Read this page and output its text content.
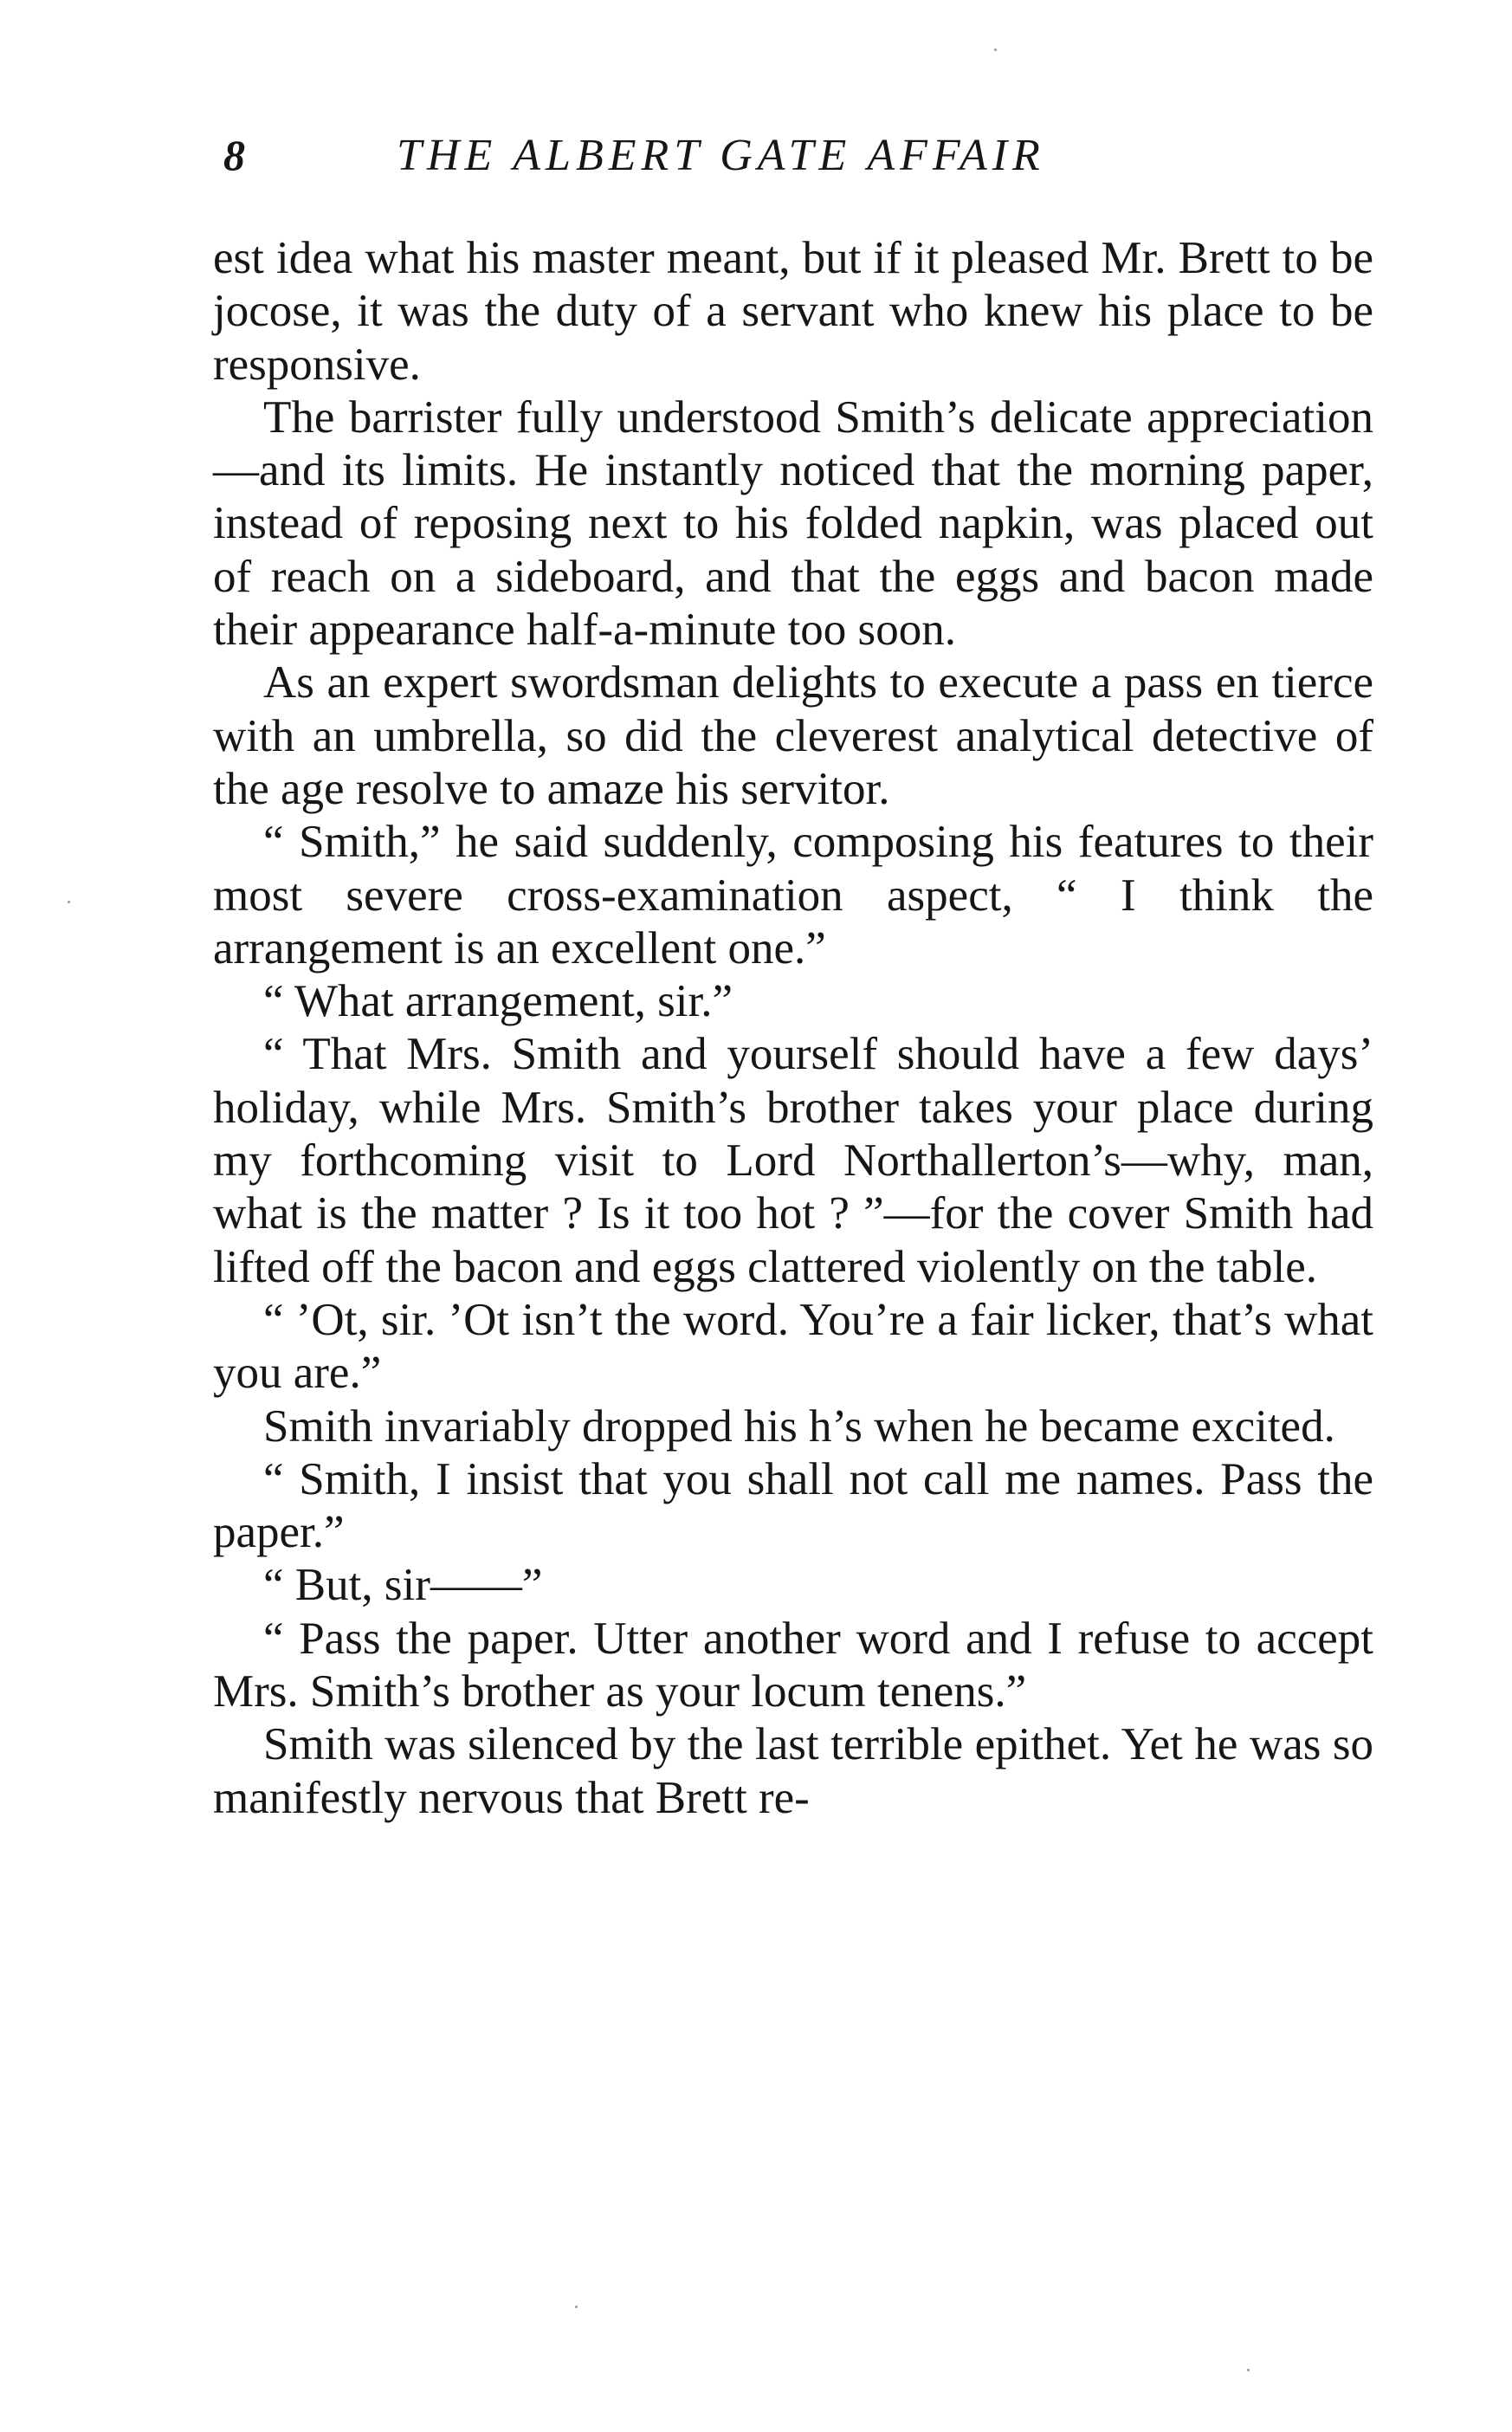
8	THE ALBERT GATE AFFAIR

est idea what his master meant, but if it pleased Mr. Brett to be jocose, it was the duty of a servant who knew his place to be responsive.

The barrister fully understood Smith’s delicate appreciation—and its limits. He instantly noticed that the morning paper, instead of reposing next to his folded napkin, was placed out of reach on a sideboard, and that the eggs and bacon made their appearance half-a-minute too soon.

As an expert swordsman delights to execute a pass en tierce with an umbrella, so did the cleverest analytical detective of the age resolve to amaze his servitor.

“ Smith,” he said suddenly, composing his features to their most severe cross-examination aspect, “ I think the arrangement is an excellent one.”

“ What arrangement, sir.”

“ That Mrs. Smith and yourself should have a few days’ holiday, while Mrs. Smith’s brother takes your place during my forthcoming visit to Lord Northallerton’s—why, man, what is the matter ? Is it too hot ? ”—for the cover Smith had lifted off the bacon and eggs clattered violently on the table.

“ ’Ot, sir. ’Ot isn’t the word. You’re a fair licker, that’s what you are.”

Smith invariably dropped his h’s when he became excited.

“ Smith, I insist that you shall not call me names. Pass the paper.”

“ But, sir——”

“ Pass the paper. Utter another word and I refuse to accept Mrs. Smith’s brother as your locum tenens.”

Smith was silenced by the last terrible epithet. Yet he was so manifestly nervous that Brett re-
